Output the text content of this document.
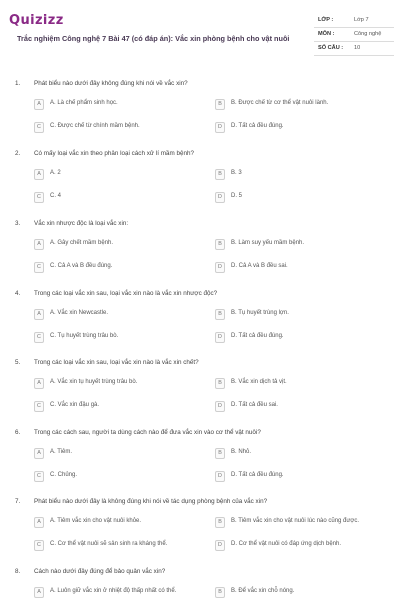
Quizizz
Trắc nghiệm Công nghệ 7 Bài 47 (có đáp án): Vắc xin phòng bệnh cho vật nuôi
LỚP :	Lớp 7
MÔN :	Công nghệ
SỐ CÂU : 10
1. Phát biểu nào dưới đây không đúng khi nói về vắc xin?
A	A. Là chế phẩm sinh học.	B	B. Được chế từ cơ thể vật nuôi lành.
C	C. Được chế từ chính mầm bệnh.	D	D. Tất cả đều đúng.
2. Có mấy loại vắc xin theo phân loại cách xử lí mầm bệnh?
A	A. 2	B	B. 3
C	C. 4	D	D. 5
3. Vắc xin nhược độc là loại vắc xin:
A	A. Gây chết mầm bệnh.	B	B. Làm suy yếu mầm bệnh.
C	C. Cả A và B đều đúng.	D	D. Cả A và B đều sai.
4. Trong các loại vắc xin sau, loại vắc xin nào là vắc xin nhược độc?
A	A. Vắc xin Newcastle.	B	B. Tụ huyết trùng lợn.
C	C. Tụ huyết trùng trâu bò.	D	D. Tất cả đều đúng.
5. Trong các loại vắc xin sau, loại vắc xin nào là vắc xin chết?
A	A. Vắc xin tụ huyết trùng trâu bò.	B	B. Vắc xin dịch tả vịt.
C	C. Vắc xin đậu gà.	D	D. Tất cả đều sai.
6. Trong các cách sau, người ta dùng cách nào để đưa vắc xin vào cơ thể vật nuôi?
A	A. Tiêm.	B	B. Nhỏ.
C	C. Chủng.	D	D. Tất cả đều đúng.
7. Phát biểu nào dưới đây là không đúng khi nói về tác dụng phòng bệnh của vắc xin?
A	A. Tiêm vắc xin cho vật nuôi khỏe.	B	B. Tiêm vắc xin cho vật nuôi lúc nào cũng được.
C	C. Cơ thể vật nuôi sẽ sản sinh ra kháng thể.	D	D. Cơ thể vật nuôi có đáp ứng dịch bệnh.
8. Cách nào dưới đây đúng để bảo quản vắc xin?
A	A. Luôn giữ vắc xin ở nhiệt độ thấp nhất có thể.	B	B. Để vắc xin chỗ nóng.
